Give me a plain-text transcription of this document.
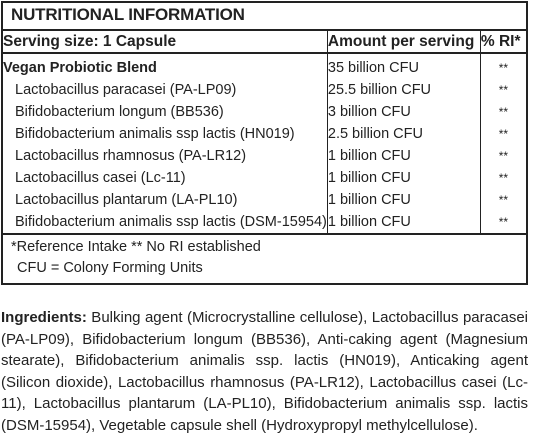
NUTRITIONAL INFORMATION
Serving size: 1 Capsule	Amount per serving	% RI*
Vegan Probiotic Blend	35 billion CFU	**
Lactobacillus paracasei (PA-LP09)	25.5 billion CFU	**
Bifidobacterium longum (BB536)	3 billion CFU	**
Bifidobacterium animalis ssp lactis (HN019)	2.5 billion CFU	**
Lactobacillus rhamnosus (PA-LR12)	1 billion CFU	**
Lactobacillus casei (Lc-11)	1 billion CFU	**
Lactobacillus plantarum (LA-PL10)	1 billion CFU	**
Bifidobacterium animalis ssp lactis (DSM-15954)	1 billion CFU	**
*Reference Intake ** No RI established
CFU = Colony Forming Units

Ingredients: Bulking agent (Microcrystalline cellulose), Lactobacillus paracasei (PA-LP09), Bifidobacterium longum (BB536), Anti-caking agent (Magnesium stearate), Bifidobacterium animalis ssp. lactis (HN019), Anticaking agent (Silicon dioxide), Lactobacillus rhamnosus (PA-LR12), Lactobacillus casei (Lc-11), Lactobacillus plantarum (LA-PL10), Bifidobacterium animalis ssp. lactis (DSM-15954), Vegetable capsule shell (Hydroxypropyl methylcellulose).
